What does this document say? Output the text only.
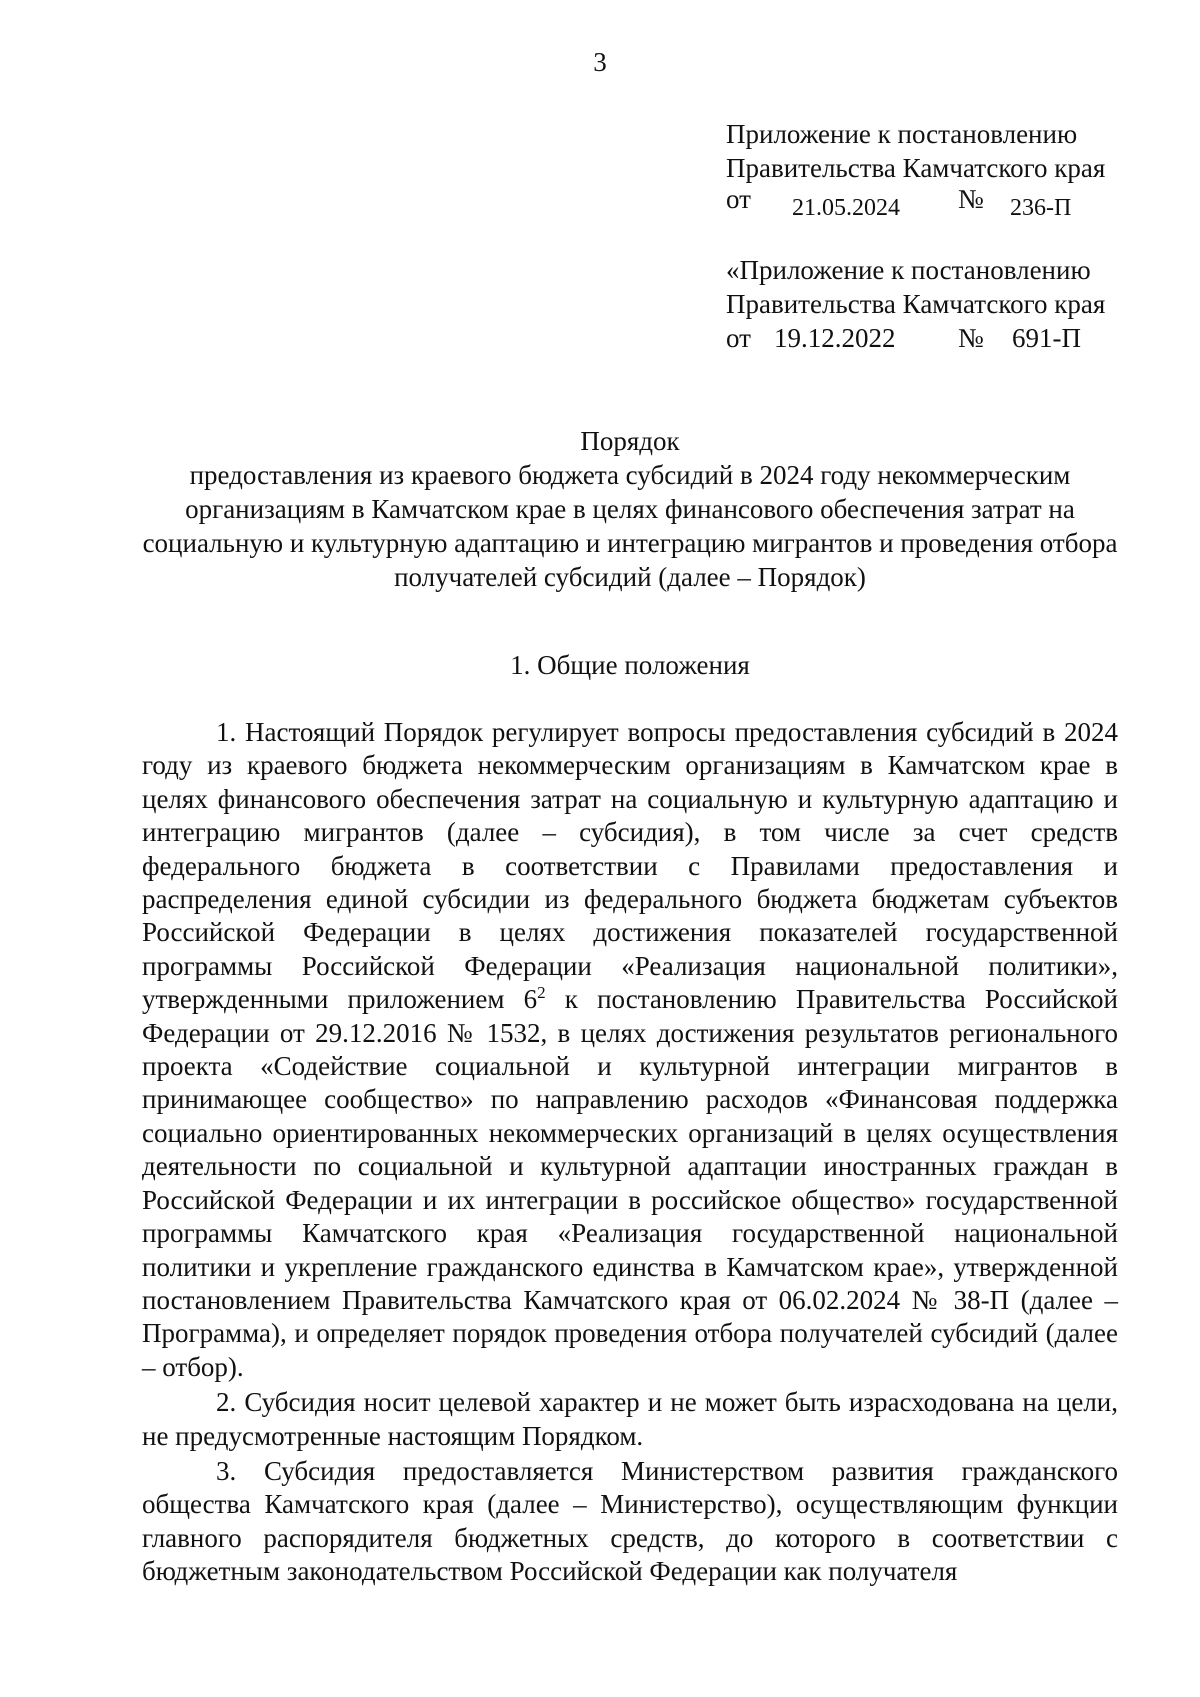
3
Приложение к постановлению
Правительства Камчатского края
от 21.05.2024 № 236-П
«Приложение к постановлению
Правительства Камчатского края
от 19.12.2022 № 691-П
Порядок
предоставления из краевого бюджета субсидий в 2024 году некоммерческим организациям в Камчатском крае в целях финансового обеспечения затрат на социальную и культурную адаптацию и интеграцию мигрантов и проведения отбора получателей субсидий (далее – Порядок)
1. Общие положения

1. Настоящий Порядок регулирует вопросы предоставления субсидий в 2024 году из краевого бюджета некоммерческим организациям в Камчатском крае в целях финансового обеспечения затрат на социальную и культурную адаптацию и интеграцию мигрантов (далее – субсидия), в том числе за счет средств федерального бюджета в соответствии с Правилами предоставления и распределения единой субсидии из федерального бюджета бюджетам субъектов Российской Федерации в целях достижения показателей государственной программы Российской Федерации «Реализация национальной политики», утвержденными приложением $6^2$ к постановлению Правительства Российской Федерации от 29.12.2016 № 1532, в целях достижения результатов регионального проекта «Содействие социальной и культурной интеграции мигрантов в принимающее сообщество» по направлению расходов «Финансовая поддержка социально ориентированных некоммерческих организаций в целях осуществления деятельности по социальной и культурной адаптации иностранных граждан в Российской Федерации и их интеграции в российское общество» государственной программы Камчатского края «Реализация государственной национальной политики и укрепление гражданского единства в Камчатском крае», утвержденной постановлением Правительства Камчатского края от 06.02.2024 № 38-П (далее – Программа), и определяет порядок проведения отбора получателей субсидий (далее – отбор).

2. Субсидия носит целевой характер и не может быть израсходована на цели, не предусмотренные настоящим Порядком.

3. Субсидия предоставляется Министерством развития гражданского общества Камчатского края (далее – Министерство), осуществляющим функции главного распорядителя бюджетных средств, до которого в соответствии с бюджетным законодательством Российской Федерации как получателя
